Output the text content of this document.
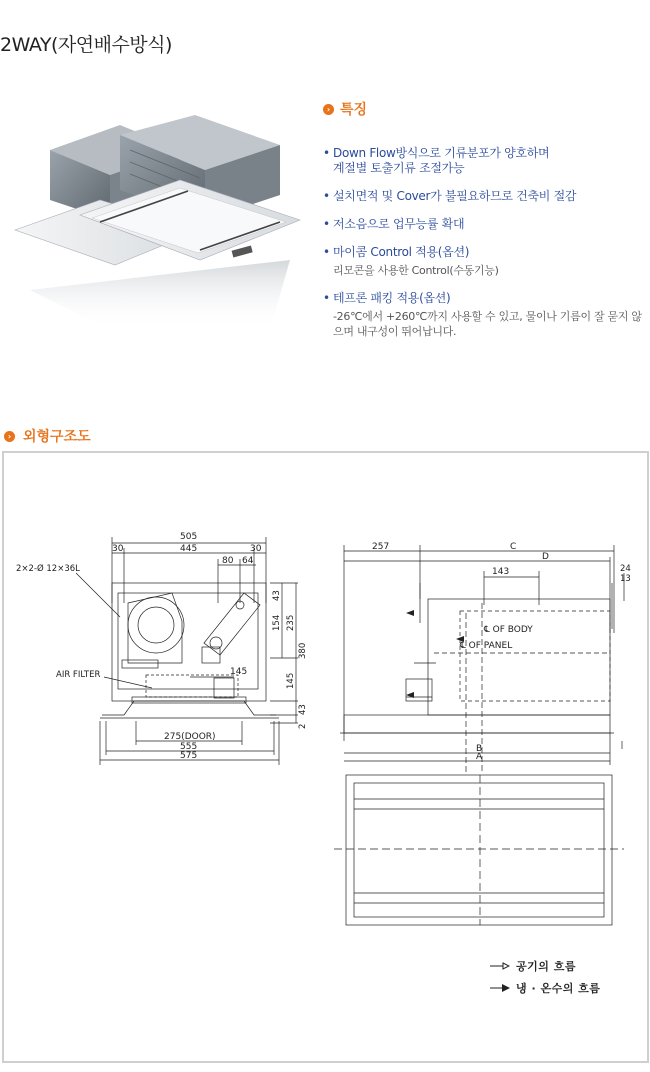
2WAY(자연배수방식)
› 특징
• Down Flow방식으로 기류분포가 양호하며
계절별 토출기류 조절가능
• 설치면적 및 Cover가 불필요하므로 건축비 절감
• 저소음으로 업무능률 확대
• 마이콤 Control 적용(옵션)
리모콘을 사용한 Control(수동기능)
• 테프론 패킹 적용(옵션)
-26℃에서 +260℃까지 사용할 수 있고, 물이나 기름이 잘 묻지 않으며 내구성이 뛰어납니다.
› 외형구조도
505
445
30	30
80 64
2×2-Ø 12×36L
43
154 235
380
145
145
43
2
AIR FILTER
275(DOOR)
555
575
257	C
D
143	24
13
℄ OF BODY
℄ OF PANEL
B
A
공기의 흐름
냉 · 온수의 흐름
